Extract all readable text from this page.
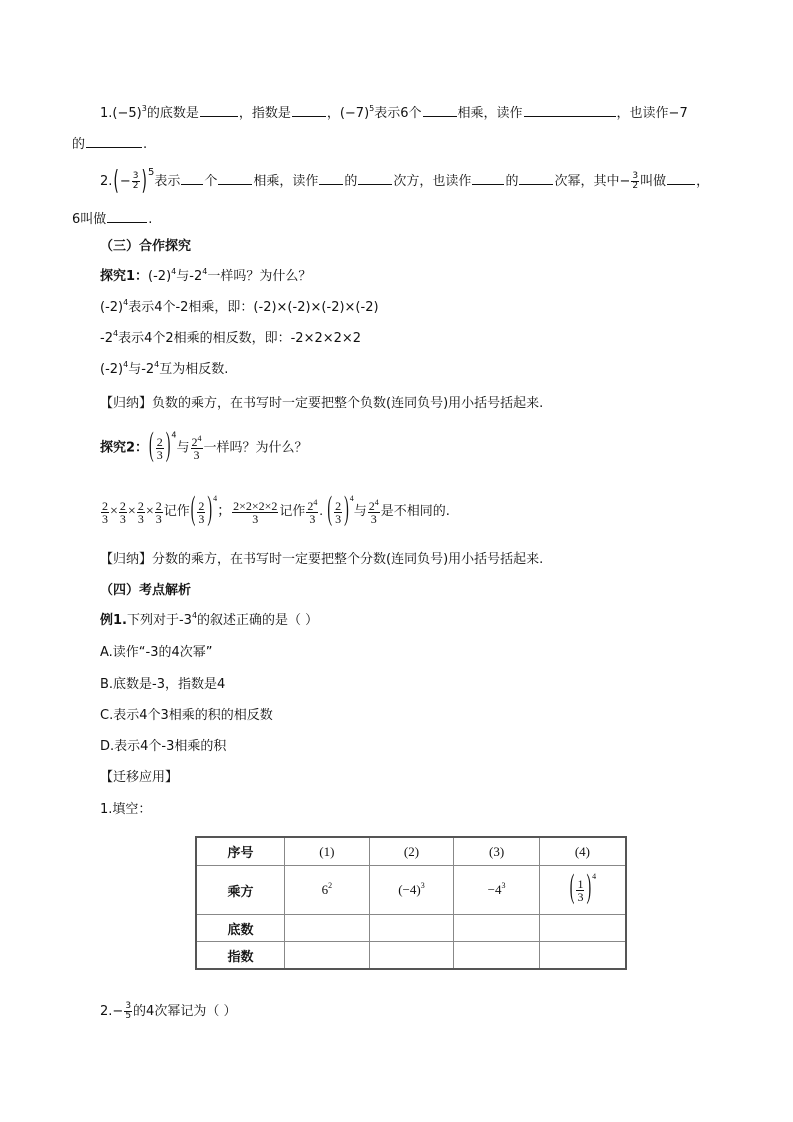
$1.(-5)^3$的底数是	，指数是	，$(-7)^5$表示6个	相乘，读作	，也读作−7
的	.
$2.(- \frac{3}{2} )^5$表示 个	相乘，读作 的	次方，也读作	的	次幂，其中− $\frac{3}{2}$ 叫做 ，
6叫做	.
（三）合作探究
探究1：$(-2)^4$与$-2^4$一样吗？为什么？
$(-2)^4$表示4个-2相乘，即：(-2)×(-2)×(-2)×(-2)
$-2^4$表示4个2相乘的相反数，即：-2×2×2×2
$(-2)^4$与$-2^4$互为相反数.
【归纳】负数的乘方，在书写时一定要把整个负数(连同负号)用小括号括起来.
探究2：( $\frac{2}{3} )^4$与 $\frac{2^4}{3}$ 一样吗？为什么？
$\frac{2}{3} \times \frac{2}{3} \times \frac{2}{3} \times \frac{2}{3}$ 记作( $\frac{2}{3} )^4$； $\frac{2\times 2\times 2\times 2}{3}$ 记作 $\frac{2^4}{3}$ . ( $\frac{2}{3} )^4$与 $\frac{2^4}{3}$ 是不相同的.
【归纳】分数的乘方，在书写时一定要把整个分数(连同负号)用小括号括起来.
（四）考点解析
例1.下列对于$-3^4$的叙述正确的是（ ）
A.读作“-3的4次幂”
B.底数是-3，指数是4
C.表示4个3相乘的积的相反数
D.表示4个-3相乘的积
【迁移应用】
1.填空：
序号	(1)	(2)	(3)	(4)
乘方	$6^2$	$(-4)^3$	$-4^3$	( $\frac{1}{3} )^4$
底数				
指数				
$2.- \frac{3}{5}$ 的4次幂记为（ ）
